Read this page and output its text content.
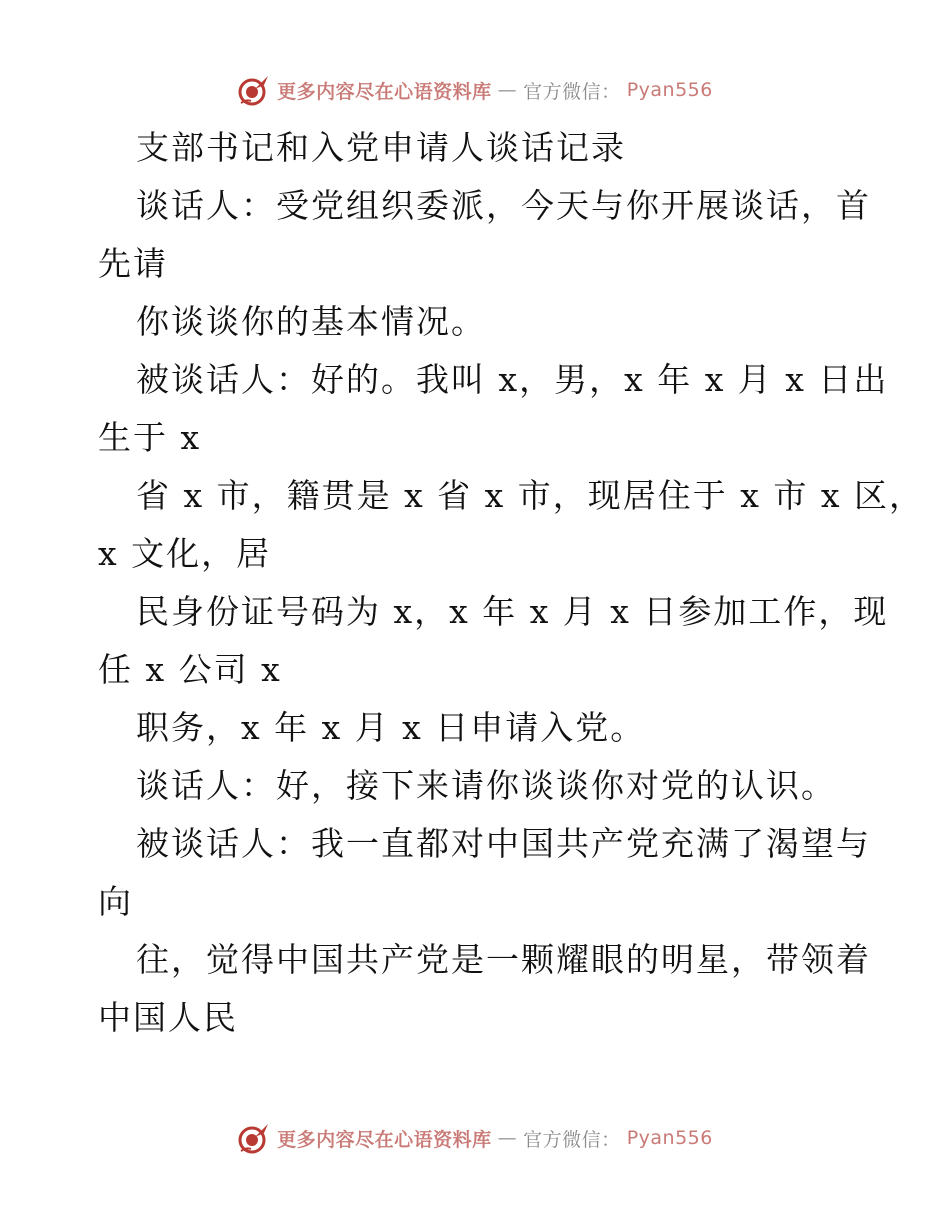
更多内容尽在心语资料库 — 官方微信： Pyan556
支部书记和入党申请人谈话记录
谈话人：受党组织委派，今天与你开展谈话，首
先请
你谈谈你的基本情况。
被谈话人：好的。我叫 x，男，x 年 x 月 x 日出
生于 x
省 x 市，籍贯是 x 省 x 市，现居住于 x 市 x 区，
x 文化，居
民身份证号码为 x，x 年 x 月 x 日参加工作，现
任 x 公司 x
职务，x 年 x 月 x 日申请入党。
谈话人：好，接下来请你谈谈你对党的认识。
被谈话人：我一直都对中国共产党充满了渴望与
向
往，觉得中国共产党是一颗耀眼的明星，带领着
中国人民
更多内容尽在心语资料库 — 官方微信： Pyan556
